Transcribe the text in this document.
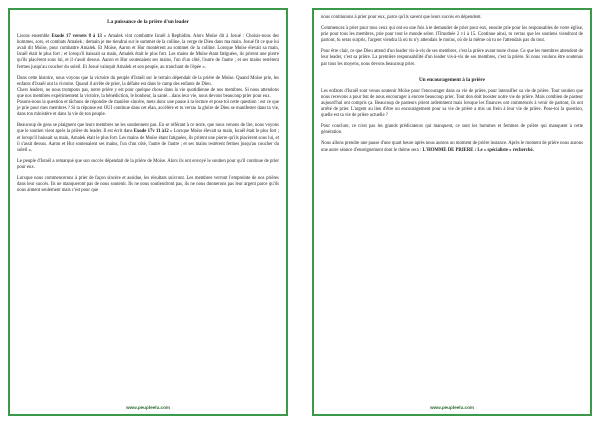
La puissance de la prière d'un leader

Lisons ensemble Exode 17 versets 8 à 13 « Amalek vint combattre Israël à Rephidim. Alors Moïse dit à Josué : Choisis-nous des hommes, sors, et combats Amalek ; demain je me tiendrai sur le sommet de la colline, la verge de Dieu dans ma main. Josué fit ce que lui avait dit Moïse, pour combattre Amalek. Et Moïse, Aaron et Hur montèrent au sommet de la colline. Lorsque Moïse élevait sa main, Israël était le plus fort ; et lorsqu'il baissait sa main, Amalek était le plus fort. Les mains de Moïse étant fatiguées, ils prirent une pierre qu'ils placèrent sous lui, et il s'assit dessus. Aaron et Hur soutenaient ses mains, l'un d'un côté, l'autre de l'autre ; et ses mains restèrent fermes jusqu'au coucher du soleil. Et Josué vainquit Amalek et son peuple, au tranchant de l'épée ».

Dans cette histoire, nous voyons que la victoire du peuple d'Israël sur le terrain dépendait de la prière de Moïse. Quand Moïse prie, les enfants d'Israël ont la victoire. Quand il arrête de prier, la défaite est dans le camp des enfants de Dieu.

Chers leaders, ne nous trompons pas, notre prière y est pour quelque chose dans la vie quotidienne de nos membres. Si nous attendons que nos membres expérimentent la victoire, la bénédiction, le bonheur, la santé…dans leur vie, nous devons beaucoup prier pour eux.

Posons-nous la question et tâchons de répondre de manière sincère, mets donc une pause à ta lecture et pose toi cette question : est ce que je prie pour mes membres ? Si ta réponse est OUI continue dans cet élan, accélère et tu verras la gloire de Dieu se manifester dans ta vie, dans ton ministère et dans la vie de ton peuple.

Beaucoup de gens se plaignent que leurs membres ne les soutiennent pas. En se référant à ce texte, que nous venons de lire, nous voyons que le soutien vient après la prière du leader. Il est écrit dans Exode 17v 11 à12 « Lorsque Moïse élevait sa main, Israël était le plus fort ; et lorsqu'il baissait sa main, Amalek était le plus fort. Les mains de Moïse étant fatiguées, ils prirent une pierre qu'ils placèrent sous lui, et il s'assit dessus. Aaron et Hur soutenaient ses mains, l'un d'un côté, l'autre de l'autre ; et ses mains restèrent fermes jusqu'au coucher du soleil ».

Le peuple d'Israël a remarqué que son succès dépendait de la prière de Moïse. Alors ils ont envoyé le soutien pour qu'il continue de prier pour eux.

Lorsque nous commencerons à prier de façon sincère et assidue, les résultats suivront. Les membres verront l'empreinte de nos prières dans leur succès. Ils ne manqueront pas de nous soutenir. Ils ne nous soutiendront pas, ils ne nous donnerons pas leur argent parce qu'ils nous aiment seulement mais c'est pour que

www.peupleelu.com

nous continuions à prier pour eux, parce qu'ils savent que leurs succès en dépendent.

Commencez à prier pour tous ceux qui ont eu une fois à te demander de prier pour eux, ensuite prie pour les responsables de votre église, prie pour tous les membres, prie pour tout le monde selon 1Timothée 2 v1 à 15. Continue ainsi, tu verras que les soutiens viendront de partout, tu seras surpris, l'argent viendra là où tu n'y attendais le moins, où de la même où tu ne l'attendais pas du tout.

Pour être clair, ce que Dieu attend d'un leader vis-à-vis de ses membres, c'est la prière avant toute chose. Ce que les membres attendent de leur leader, c'est sa prière. La première responsabilité d'un leader vis-à-vis de ses membres, c'est la prière. Si nous voulons être soutenus par tous les moyens, nous devons beaucoup prier.

Un encouragement à la prière

Les enfants d'Israël sont venus soutenir Moïse pour l'encourager dans sa vie de prière, pour intensifier sa vie de prière. Tout soutien que nous recevons a pour but de nous encourager à encore beaucoup prier. Tout don doit booster notre vie de prière. Mais combien de pasteur aujourd'hui ont compris ça. Beaucoup de pasteurs prient ardemment mais lorsque les finances ont commencés à venir de partout, ils ont arrêté de prier. L'argent au lieu d'être un encouragement pour sa vie de prière a mis un frein à leur vie de prière. Pose-toi la question, quelle est ta vie de prière actuelle ?

Pour conclure, ce n'est pas les grands prédicateurs qui manquent, ce sont les hommes et femmes de prière qui manquent à cette génération.

Nous allons prendre une pause d'une quart heure après nous aurons un moment de prière instance. Après le moment de prière nous aurons une autre séance d'enseignement dont le thème sera : L'HOMME DE PRIERE : Le « spécialiste » recherché.

www.peupleelu.com
